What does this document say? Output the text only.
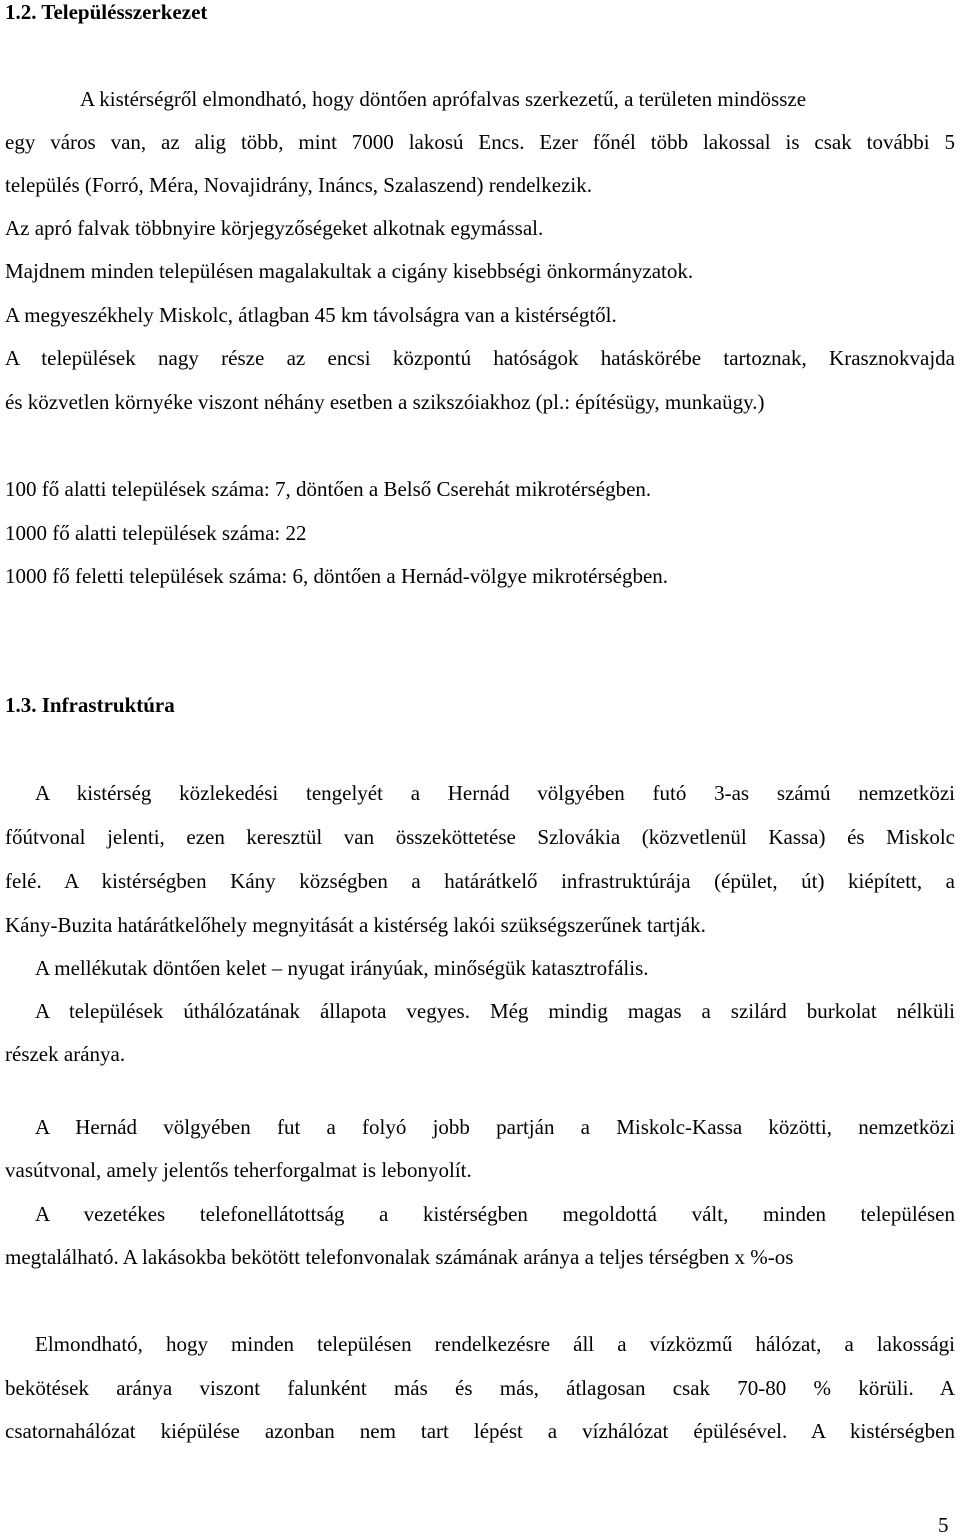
1.2. Településszerkezet
A kistérségről elmondható, hogy döntően aprófalvas szerkezetű, a területen mindössze
egy város van, az alig több, mint 7000 lakosú Encs. Ezer főnél több lakossal is csak további 5
település (Forró, Méra, Novajidrány, Ináncs, Szalaszend) rendelkezik.
Az apró falvak többnyire körjegyzőségeket alkotnak egymással.
Majdnem minden településen magalakultak a cigány kisebbségi önkormányzatok.
A megyeszékhely Miskolc, átlagban 45 km távolságra van a kistérségtől.
A települések nagy része az encsi központú hatóságok hatáskörébe tartoznak, Krasznokvajda
és közvetlen környéke viszont néhány esetben a szikszóiakhoz (pl.: építésügy, munkaügy.)
100 fő alatti települések száma: 7, döntően a Belső Cserehát mikrotérségben.
1000 fő alatti települések száma: 22
1000 fő feletti települések száma: 6, döntően a Hernád-völgye mikrotérségben.
1.3. Infrastruktúra
A kistérség közlekedési tengelyét a Hernád völgyében futó 3-as számú nemzetközi
főútvonal jelenti, ezen keresztül van összeköttetése Szlovákia (közvetlenül Kassa) és Miskolc
felé. A kistérségben Kány községben a határátkelő infrastruktúrája (épület, út) kiépített, a
Kány-Buzita határátkelőhely megnyitását a kistérség lakói szükségszerűnek tartják.
A mellékutak döntően kelet – nyugat irányúak, minőségük katasztrofális.
A települések úthálózatának állapota vegyes. Még mindig magas a szilárd burkolat nélküli
részek aránya.
A Hernád völgyében fut a folyó jobb partján a Miskolc-Kassa közötti, nemzetközi
vasútvonal, amely jelentős teherforgalmat is lebonyolít.
A vezetékes telefonellátottság a kistérségben megoldottá vált, minden településen
megtalálható. A lakásokba bekötött telefonvonalak számának aránya a teljes térségben x %-os
Elmondható, hogy minden településen rendelkezésre áll a vízközmű hálózat, a lakossági
bekötések aránya viszont falunként más és más, átlagosan csak 70-80 % körüli. A
csatornahálózat kiépülése azonban nem tart lépést a vízhálózat épülésével. A kistérségben
5
